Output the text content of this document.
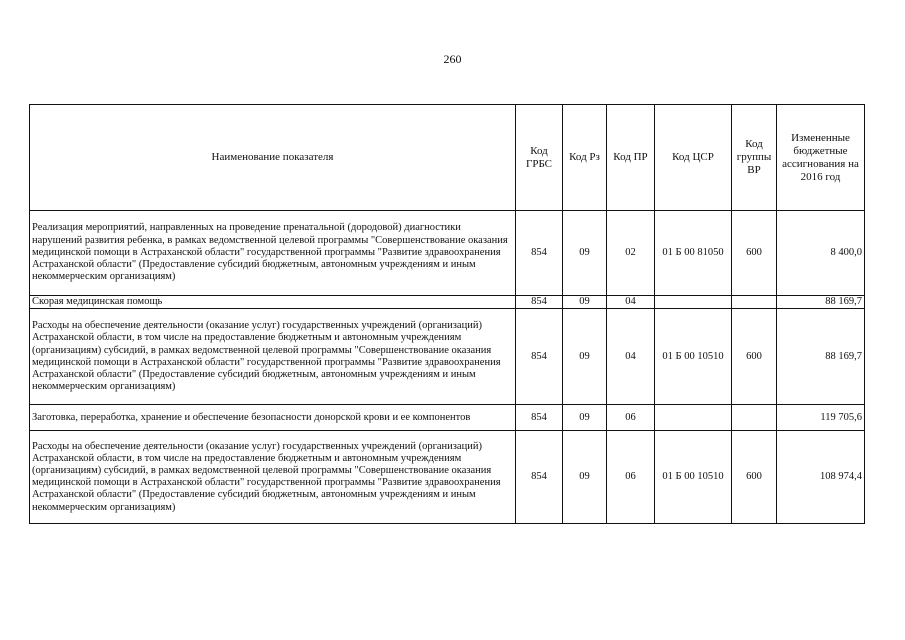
260
Наименование показателя	Код ГРБС	Код Рз	Код ПР	Код ЦСР	Код группы ВР	Измененные бюджетные ассигнования на 2016 год
Реализация мероприятий, направленных на проведение пренатальной (дородовой) диагностики нарушений развития ребенка, в рамках ведомственной целевой программы "Совершенствование оказания медицинской помощи в Астраханской области" государственной программы "Развитие здравоохранения Астраханской области" (Предоставление субсидий бюджетным, автономным учреждениям и иным некоммерческим организациям)	854	09	02	01 Б 00 81050	600	8 400,0
Скорая медицинская помощь	854	09	04			88 169,7
Расходы на обеспечение деятельности (оказание услуг) государственных учреждений (организаций) Астраханской области, в том числе на предоставление бюджетным и автономным учреждениям (организациям) субсидий, в рамках ведомственной целевой программы "Совершенствование оказания медицинской помощи в Астраханской области" государственной программы "Развитие здравоохранения Астраханской области" (Предоставление субсидий бюджетным, автономным учреждениям и иным некоммерческим организациям)	854	09	04	01 Б 00 10510	600	88 169,7
Заготовка, переработка, хранение и обеспечение безопасности донорской крови и ее компонентов	854	09	06			119 705,6
Расходы на обеспечение деятельности (оказание услуг) государственных учреждений (организаций) Астраханской области, в том числе на предоставление бюджетным и автономным учреждениям (организациям) субсидий, в рамках ведомственной целевой программы "Совершенствование оказания медицинской помощи в Астраханской области" государственной программы "Развитие здравоохранения Астраханской области" (Предоставление субсидий бюджетным, автономным учреждениям и иным некоммерческим организациям)	854	09	06	01 Б 00 10510	600	108 974,4
